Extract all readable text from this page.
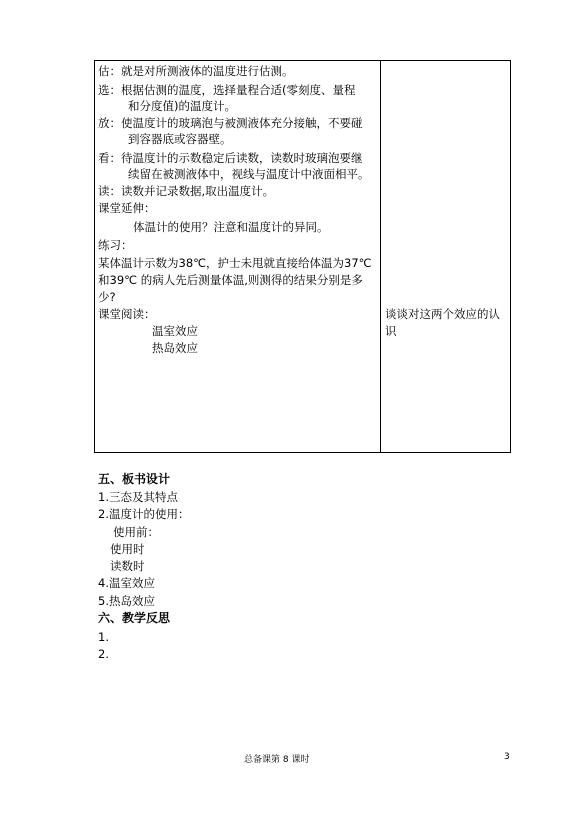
估：就是对所测液体的温度进行估测。
选：根据估测的温度，选择量程合适(零刻度、量程
和分度值)的温度计。
放：使温度计的玻璃泡与被测液体充分接触，不要碰
到容器底或容器壁。
看：待温度计的示数稳定后读数，读数时玻璃泡要继
续留在被测液体中，视线与温度计中液面相平。
读：读数并记录数据,取出温度计。
课堂延伸：
体温计的使用？注意和温度计的异同。
练习：
某体温计示数为38℃，护士未甩就直接给体温为37℃
和39℃ 的病人先后测量体温,则测得的结果分别是多
少?
课堂阅读：
温室效应
热岛效应
谈谈对这两个效应的认
识
五、板书设计
1.三态及其特点
2.温度计的使用：
使用前：
使用时
读数时
4.温室效应
5.热岛效应
六、教学反思
1.
2.
总备课第 8 课时	3
